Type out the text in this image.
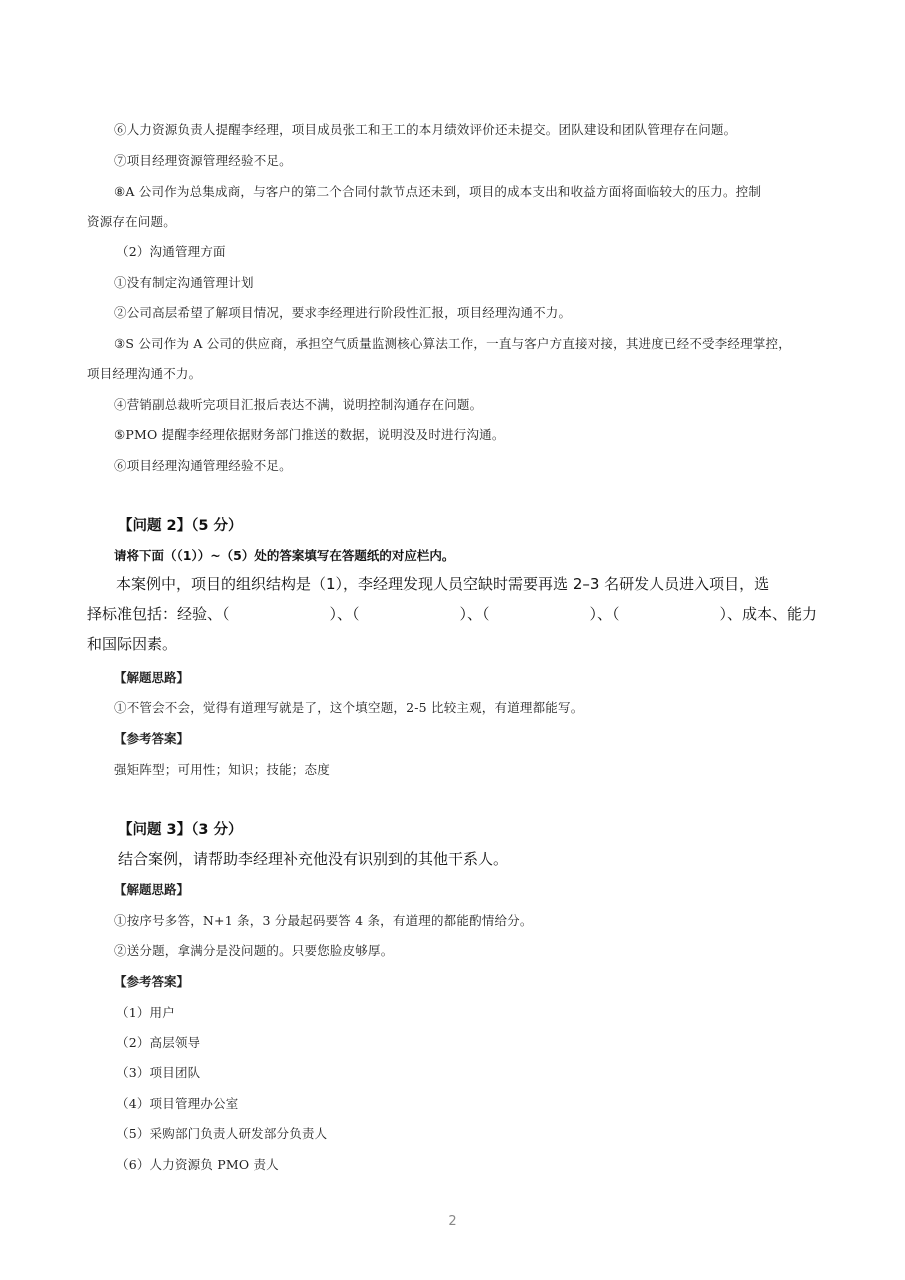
⑥人力资源负责人提醒李经理，项目成员张工和王工的本月绩效评价还未提交。团队建设和团队管理存在问题。
⑦项目经理资源管理经验不足。
⑧A 公司作为总集成商，与客户的第二个合同付款节点还未到，项目的成本支出和收益方面将面临较大的压力。控制
资源存在问题。
（2）沟通管理方面
①没有制定沟通管理计划
②公司高层希望了解项目情况，要求李经理进行阶段性汇报，项目经理沟通不力。
③S 公司作为 A 公司的供应商，承担空气质量监测核心算法工作，一直与客户方直接对接，其进度已经不受李经理掌控，
项目经理沟通不力。
④营销副总裁听完项目汇报后表达不满，说明控制沟通存在问题。
⑤PMO 提醒李经理依据财务部门推送的数据，说明没及时进行沟通。
⑥项目经理沟通管理经验不足。
【问题 2】（5 分）
请将下面（（1））~（5）处的答案填写在答题纸的对应栏内。
本案例中，项目的组织结构是（1），李经理发现人员空缺时需要再选 2–3 名研发人员进入项目，选
择标准包括：经验、（	）、（	）、（	）、（	）、成本、能力
和国际因素。
【解题思路】
①不管会不会，觉得有道理写就是了，这个填空题，2-5 比较主观，有道理都能写。
【参考答案】
强矩阵型；可用性；知识；技能；态度
【问题 3】（3 分）
结合案例，请帮助李经理补充他没有识别到的其他干系人。
【解题思路】
①按序号多答，N+1 条，3 分最起码要答 4 条，有道理的都能酌情给分。
②送分题，拿满分是没问题的。只要您脸皮够厚。
【参考答案】
（1）用户
（2）高层领导
（3）项目团队
（4）项目管理办公室
（5）采购部门负责人研发部分负责人
（6）人力资源负 PMO 责人
2
